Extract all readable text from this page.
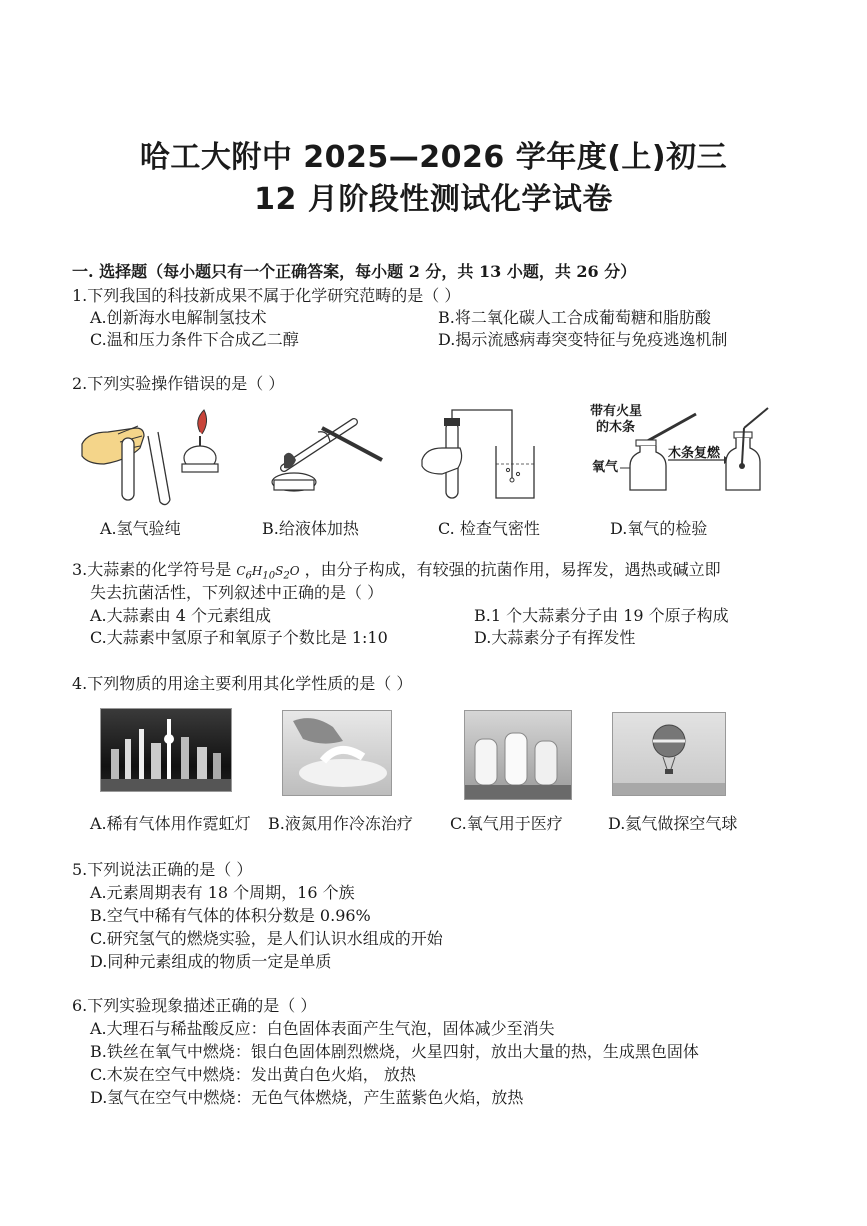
哈工大附中 2025—2026 学年度(上)初三
12 月阶段性测试化学试卷
一. 选择题（每小题只有一个正确答案，每小题 2 分，共 13 小题，共 26 分）
1.下列我国的科技新成果不属于化学研究范畴的是（ ）
A.创新海水电解制氢技术	B.将二氧化碳人工合成葡萄糖和脂肪酸
C.温和压力条件下合成乙二醇	D.揭示流感病毒突变特征与免疫逃逸机制
2.下列实验操作错误的是（ ）
A.氢气验纯	B.给液体加热	C. 检查气密性
带有火星
的木条
氧气
木条复燃
D.氧气的检验
3.大蒜素的化学符号是 $C_6H_{10}S_2O$ ，由分子构成，有较强的抗菌作用，易挥发，遇热或碱立即
失去抗菌活性，下列叙述中正确的是（ ）
A.大蒜素由 4 个元素组成	B.1 个大蒜素分子由 19 个原子构成
C.大蒜素中氢原子和氧原子个数比是 1:10	D.大蒜素分子有挥发性
4.下列物质的用途主要利用其化学性质的是（ ）
A.稀有气体用作霓虹灯 B.液氮用作冷冻治疗 C.氧气用于医疗	D.氦气做探空气球
5.下列说法正确的是（ ）
A.元素周期表有 18 个周期，16 个族
B.空气中稀有气体的体积分数是 0.96%
C.研究氢气的燃烧实验，是人们认识水组成的开始
D.同种元素组成的物质一定是单质
6.下列实验现象描述正确的是（ ）
A.大理石与稀盐酸反应：白色固体表面产生气泡，固体减少至消失
B.铁丝在氧气中燃烧：银白色固体剧烈燃烧，火星四射，放出大量的热，生成黑色固体
C.木炭在空气中燃烧：发出黄白色火焰， 放热
D.氢气在空气中燃烧：无色气体燃烧，产生蓝紫色火焰，放热
